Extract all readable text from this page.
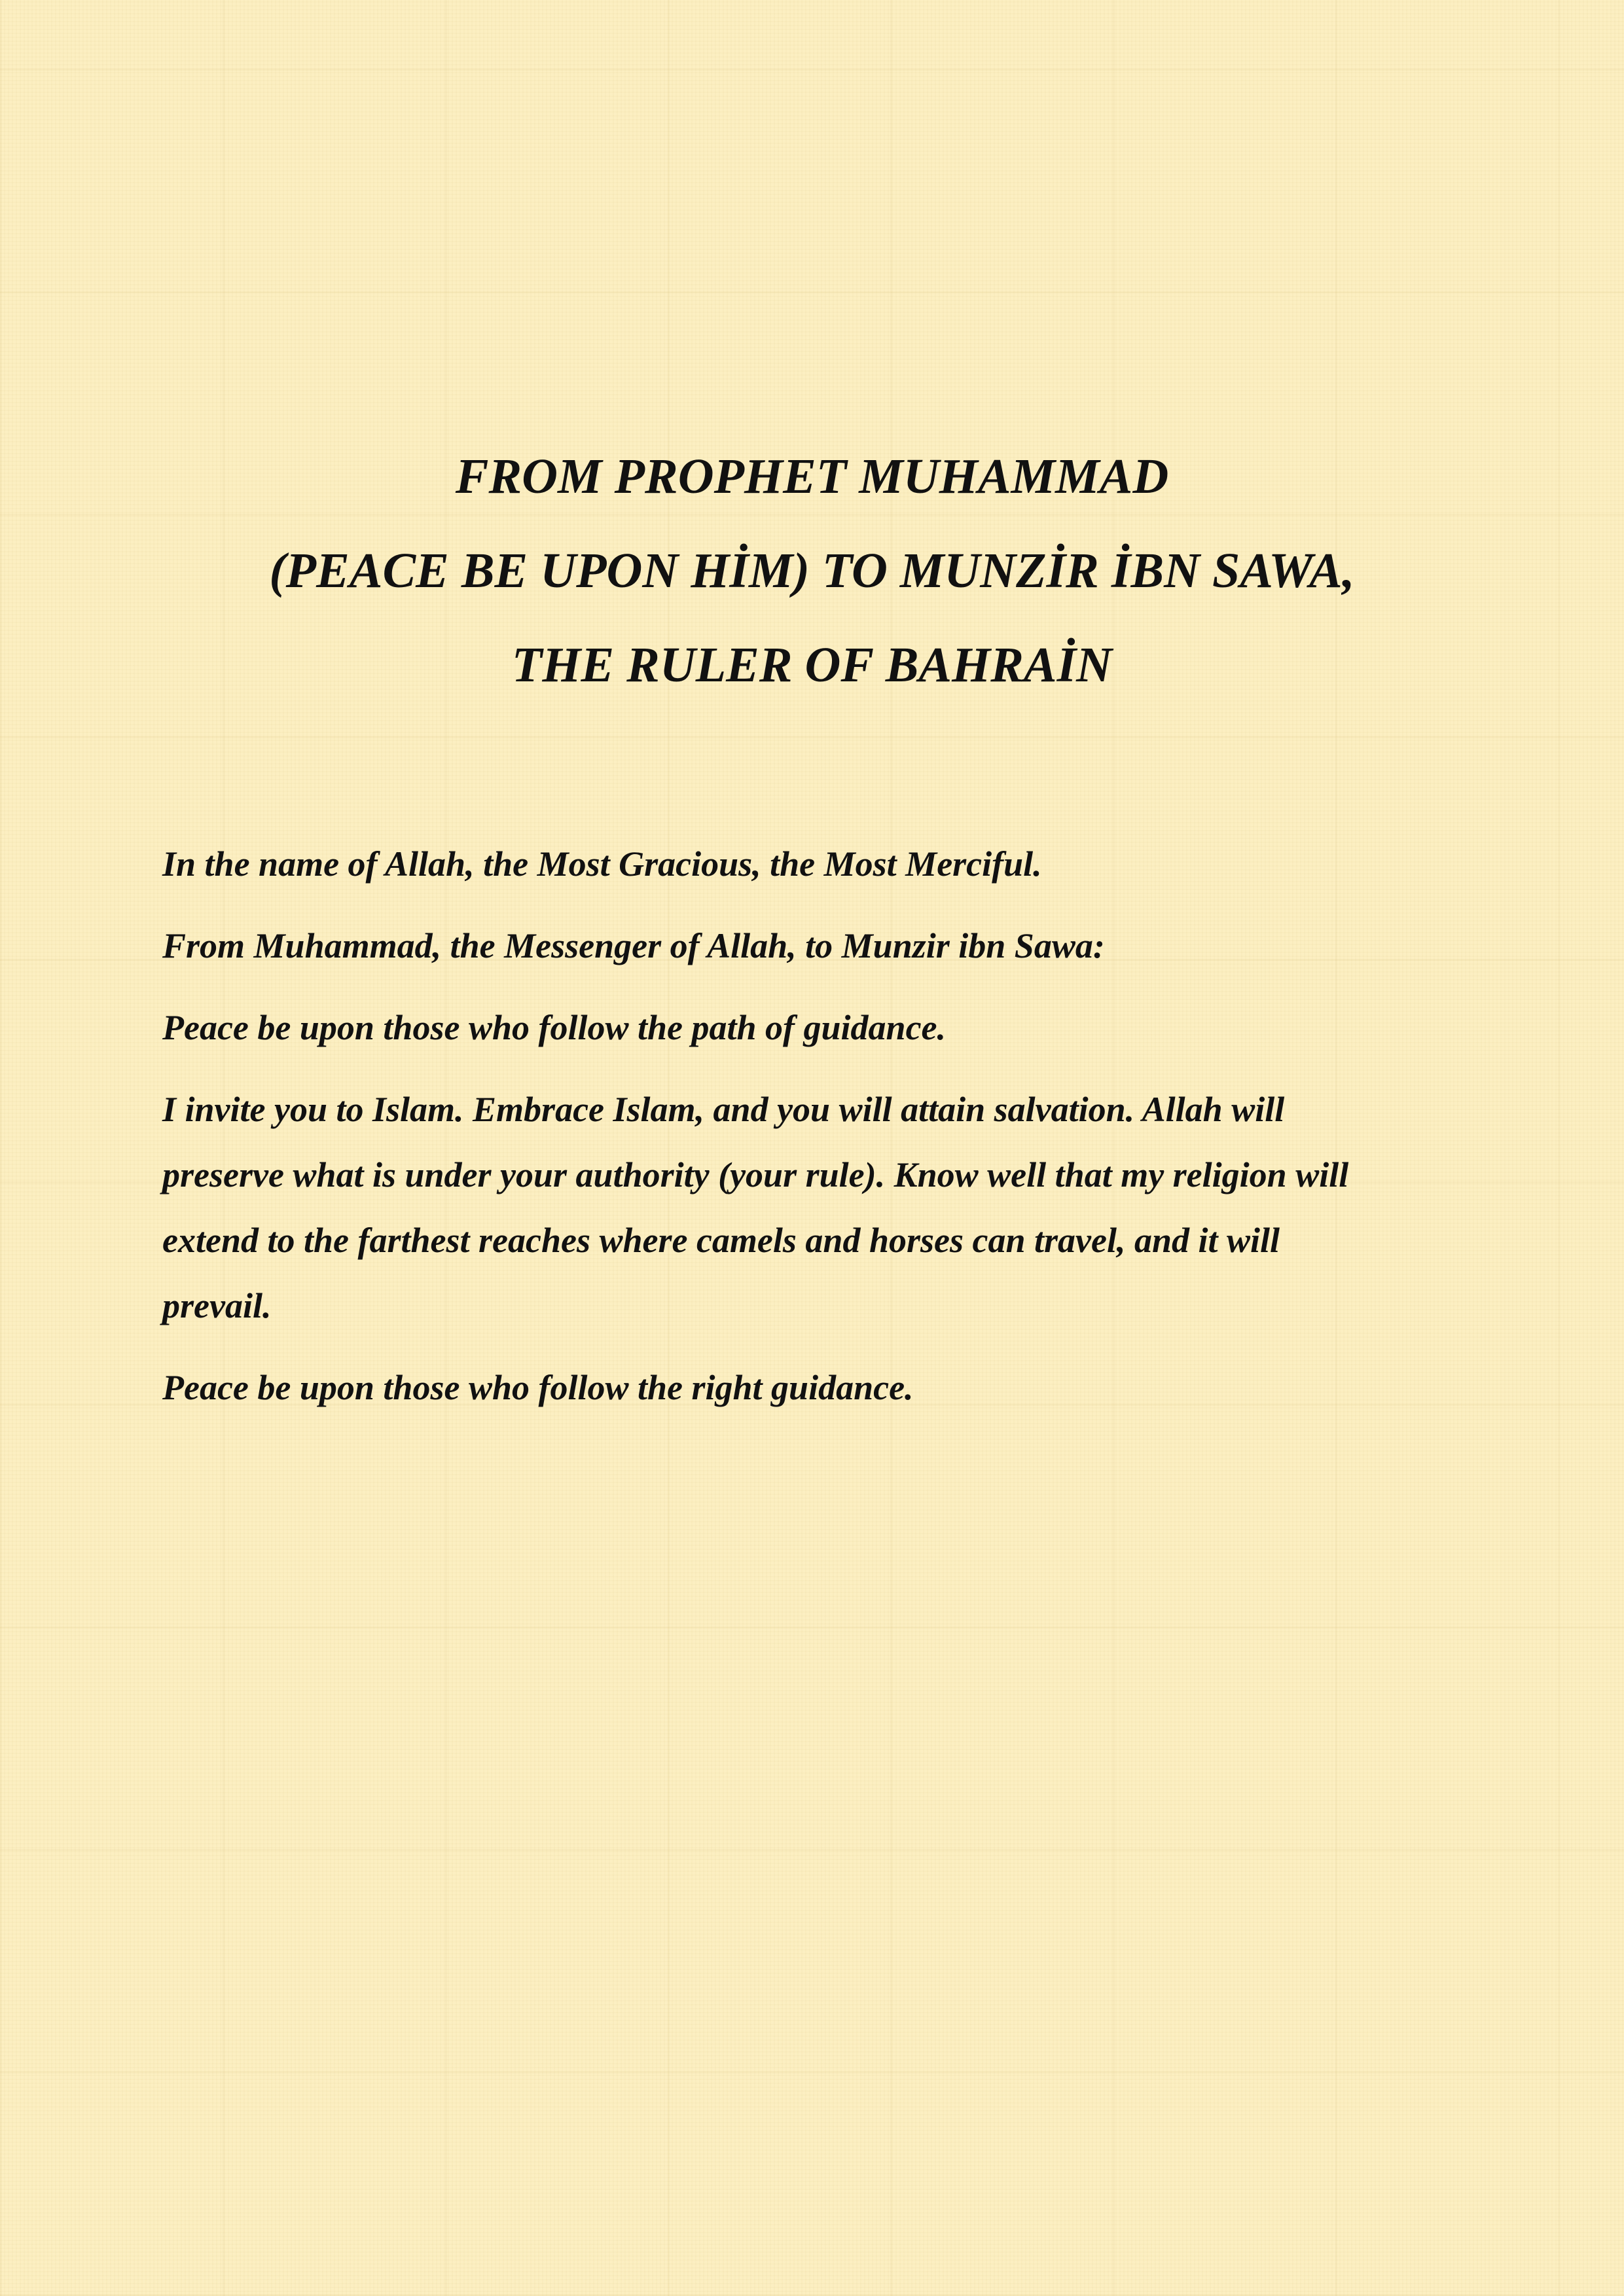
FROM PROPHET MUHAMMAD
(PEACE BE UPON HİM) TO MUNZİR İBN SAWA,
THE RULER OF BAHRAİN

In the name of Allah, the Most Gracious, the Most Merciful.

From Muhammad, the Messenger of Allah, to Munzir ibn Sawa:

Peace be upon those who follow the path of guidance.

I invite you to Islam. Embrace Islam, and you will attain salvation. Allah will
preserve what is under your authority (your rule). Know well that my religion will
extend to the farthest reaches where camels and horses can travel, and it will
prevail.

Peace be upon those who follow the right guidance.
